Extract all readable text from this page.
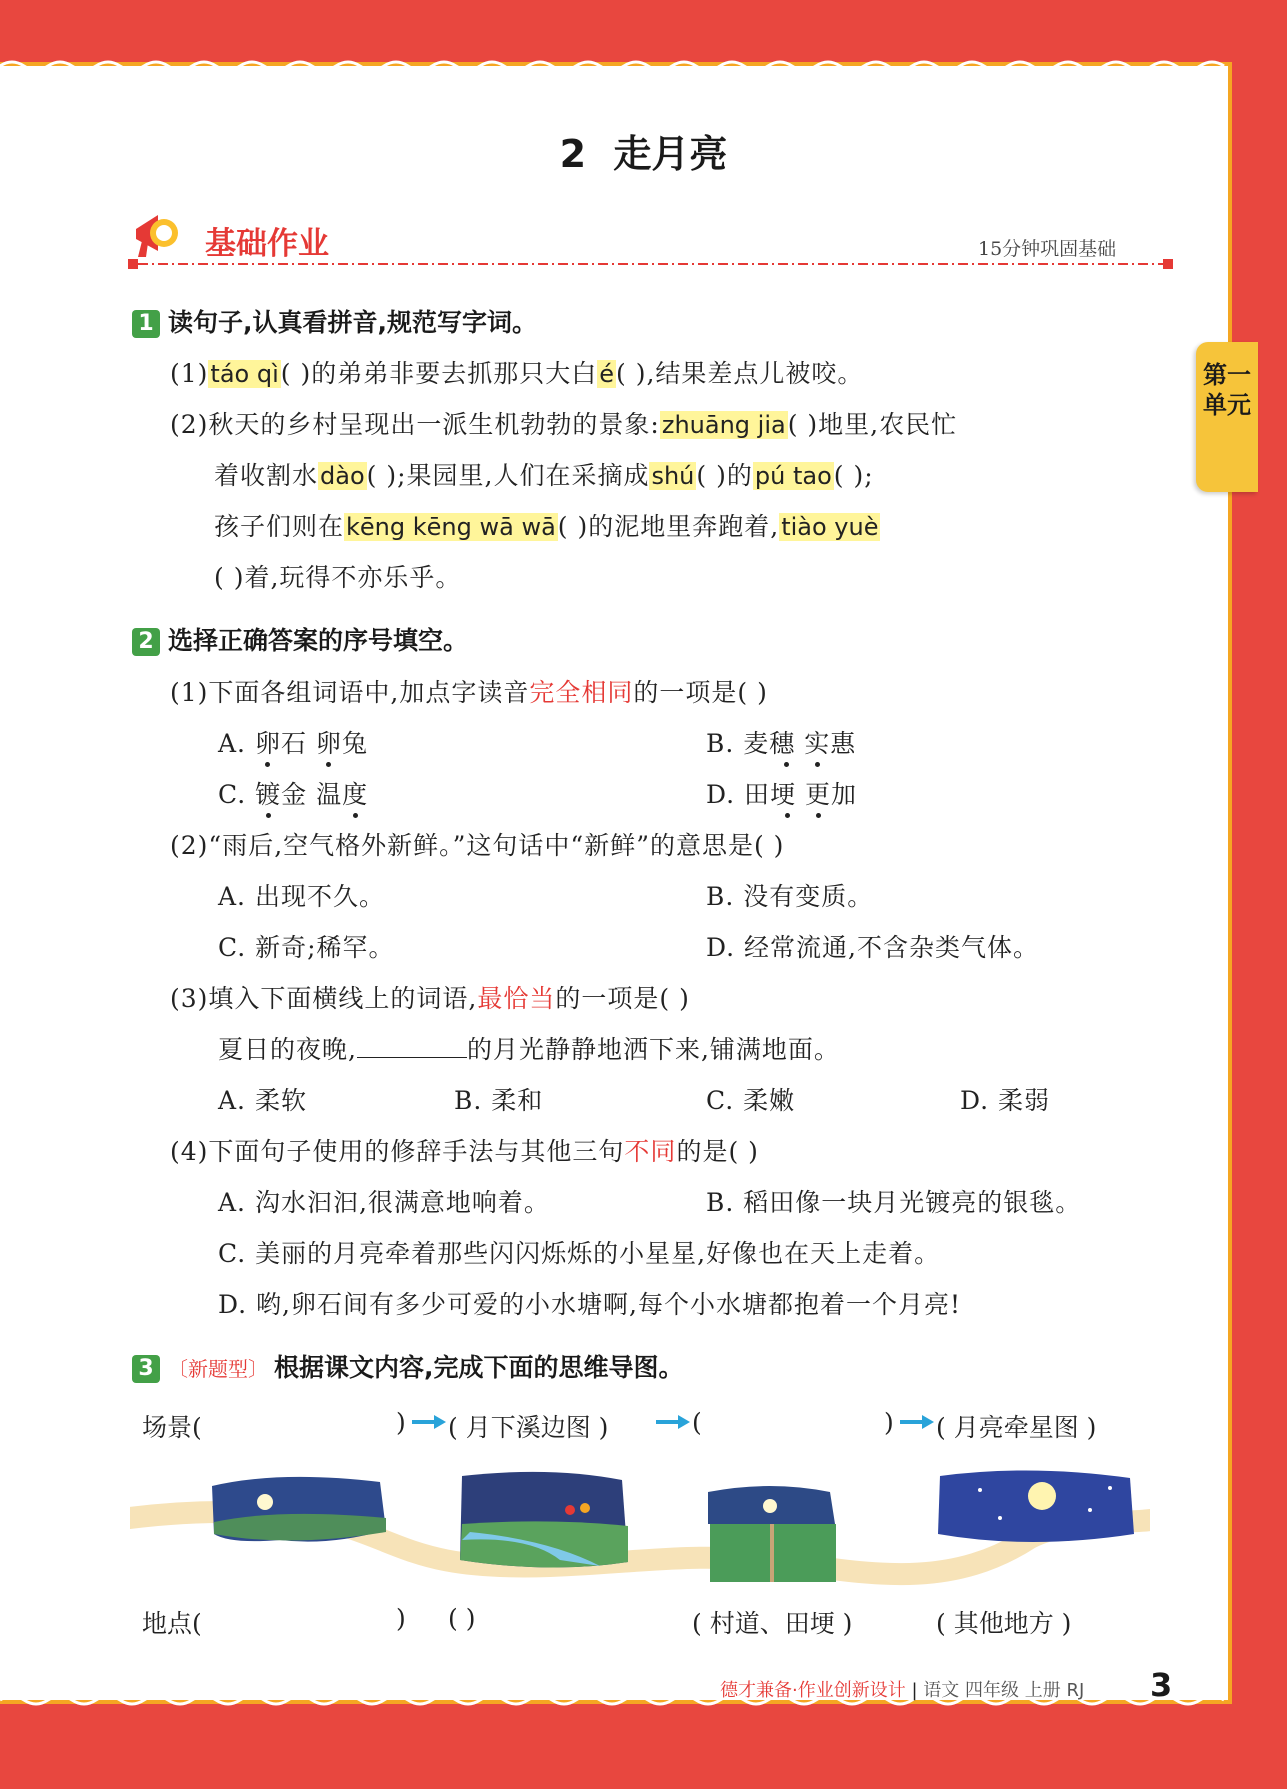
2 走月亮
基础作业	15分钟巩固基础
第一单元
1 读句子,认真看拼音,规范写字词。
(1)táo qì( )的弟弟非要去抓那只大白é( ),结果差点儿被咬。
(2)秋天的乡村呈现出一派生机勃勃的景象:zhuāng jia( )地里,农民忙
着收割水dào( );果园里,人们在采摘成shú( )的pú tao( );
孩子们则在kēng kēng wā wā( )的泥地里奔跑着,tiào yuè
( )着,玩得不亦乐乎。
2 选择正确答案的序号填空。
(1)下面各组词语中,加点字读音完全相同的一项是( )
A. 卵石 卵兔	B. 麦穗 实惠
C. 镀金 温度	D. 田埂 更加
(2)“雨后,空气格外新鲜。”这句话中“新鲜”的意思是( )
A. 出现不久。	B. 没有变质。
C. 新奇;稀罕。	D. 经常流通,不含杂类气体。
(3)填入下面横线上的词语,最恰当的一项是( )
夏日的夜晚,	的月光静静地洒下来,铺满地面。
A. 柔软	B. 柔和	C. 柔嫩	D. 柔弱
(4)下面句子使用的修辞手法与其他三句不同的是( )
A. 沟水汩汩,很满意地响着。	B. 稻田像一块月光镀亮的银毯。
C. 美丽的月亮牵着那些闪闪烁烁的小星星,好像也在天上走着。
D. 哟,卵石间有多少可爱的小水塘啊,每个小水塘都抱着一个月亮!
3 〔新题型〕 根据课文内容,完成下面的思维导图。
场景(	) ( 月下溪边图 )	(	) ( 月亮牵星图 )
地点(	) ( )	( 村道、田埂 )	( 其他地方 )
德才兼备·作业创新设计 | 语文 四年级 上册 RJ 3
